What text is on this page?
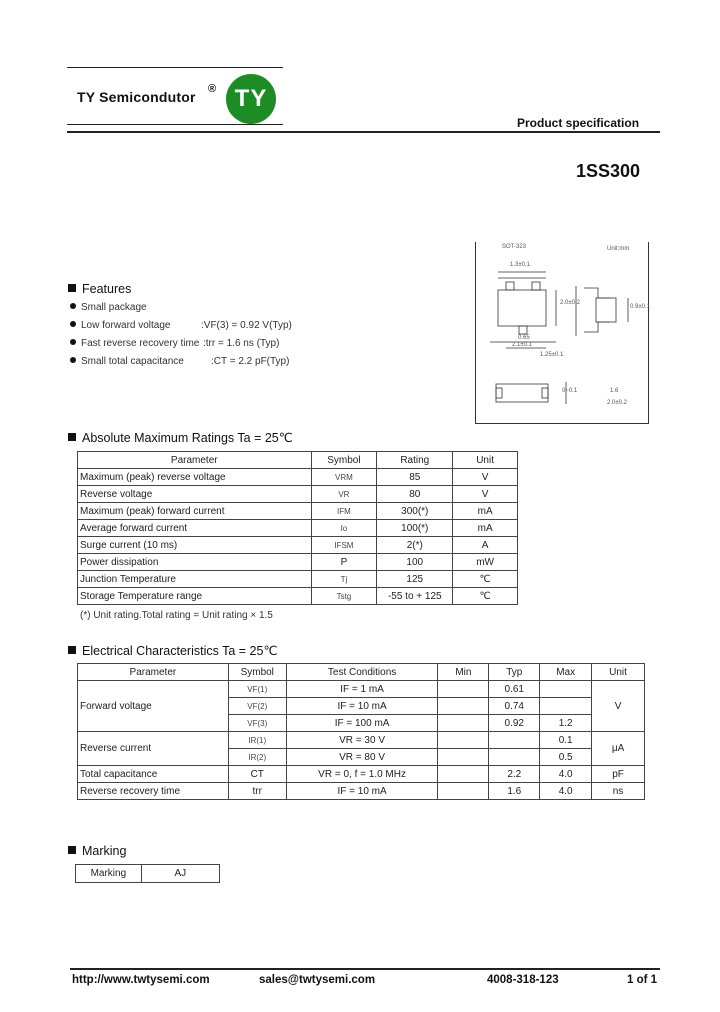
TY Semicondutor ® TY
Product specification
1SS300
Features
Small package
Low forward voltage	:VF(3) = 0.92 V(Typ)
Fast reverse recovery time :trr = 1.6 ns (Typ)
Small total capacitance	:CT = 2.2 pF(Typ)
SOT-323	Unit:mm
1.3±0.1
2.1±0.1
1.25±0.1
0.65
2.0±0.2
0.9±0.1
0~0.1	1.6
2.0±0.2
Absolute Maximum Ratings Ta = 25℃
Parameter	Symbol	Rating	Unit
Maximum (peak) reverse voltage	VRM	85	V
Reverse voltage	VR	80	V
Maximum (peak) forward current	IFM	300(*)	mA
Average forward current	Io	100(*)	mA
Surge current (10 ms)	IFSM	2(*)	A
Power dissipation	P	100	mW
Junction Temperature	Tj	125	℃
Storage Temperature range	Tstg	-55 to + 125	℃
(*) Unit rating.Total rating = Unit rating × 1.5
Electrical Characteristics Ta = 25℃
Parameter	Symbol	Test Conditions	Min	Typ	Max	Unit
Forward voltage	VF(1)	IF = 1 mA		0.61		V
	VF(2)	IF = 10 mA		0.74		
	VF(3)	IF = 100 mA		0.92	1.2	
Reverse current	IR(1)	VR = 30 V			0.1	μA
	IR(2)	VR = 80 V			0.5	
Total capacitance	CT	VR = 0, f = 1.0 MHz		2.2	4.0	pF
Reverse recovery time	trr	IF = 10 mA		1.6	4.0	ns
Marking
Marking	AJ
http://www.twtysemi.com	sales@twtysemi.com	4008-318-123	1 of 1
